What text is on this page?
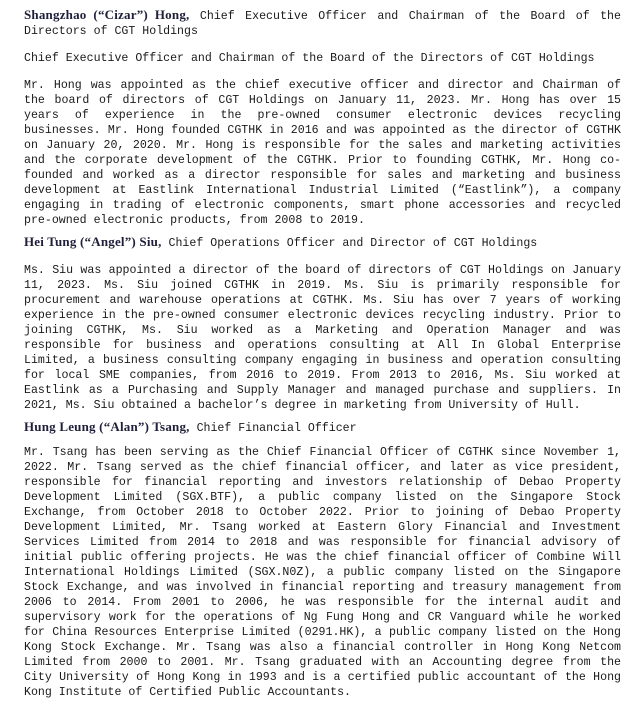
Shangzhao (“Cizar”) Hong, Chief Executive Officer and Chairman of the Board of the Directors of CGT Holdings

Chief Executive Officer and Chairman of the Board of the Directors of CGT Holdings

Mr. Hong was appointed as the chief executive officer and director and Chairman of the board of directors of CGT Holdings on January 11, 2023. Mr. Hong has over 15 years of experience in the pre-owned consumer electronic devices recycling businesses. Mr. Hong founded CGTHK in 2016 and was appointed as the director of CGTHK on January 20, 2020. Mr. Hong is responsible for the sales and marketing activities and the corporate development of the CGTHK. Prior to founding CGTHK, Mr. Hong co-founded and worked as a director responsible for sales and marketing and business development at Eastlink International Industrial Limited (“Eastlink”), a company engaging in trading of electronic components, smart phone accessories and recycled pre-owned electronic products, from 2008 to 2019.

Hei Tung (“Angel”) Siu, Chief Operations Officer and Director of CGT Holdings

Ms. Siu was appointed a director of the board of directors of CGT Holdings on January 11, 2023. Ms. Siu joined CGTHK in 2019. Ms. Siu is primarily responsible for procurement and warehouse operations at CGTHK. Ms. Siu has over 7 years of working experience in the pre-owned consumer electronic devices recycling industry. Prior to joining CGTHK, Ms. Siu worked as a Marketing and Operation Manager and was responsible for business and operations consulting at All In Global Enterprise Limited, a business consulting company engaging in business and operation consulting for local SME companies, from 2016 to 2019. From 2013 to 2016, Ms. Siu worked at Eastlink as a Purchasing and Supply Manager and managed purchase and suppliers. In 2021, Ms. Siu obtained a bachelor’s degree in marketing from University of Hull.

Hung Leung (“Alan”) Tsang, Chief Financial Officer

Mr. Tsang has been serving as the Chief Financial Officer of CGTHK since November 1, 2022. Mr. Tsang served as the chief financial officer, and later as vice president, responsible for financial reporting and investors relationship of Debao Property Development Limited (SGX.BTF), a public company listed on the Singapore Stock Exchange, from October 2018 to October 2022. Prior to joining of Debao Property Development Limited, Mr. Tsang worked at Eastern Glory Financial and Investment Services Limited from 2014 to 2018 and was responsible for financial advisory of initial public offering projects. He was the chief financial officer of Combine Will International Holdings Limited (SGX.N0Z), a public company listed on the Singapore Stock Exchange, and was involved in financial reporting and treasury management from 2006 to 2014. From 2001 to 2006, he was responsible for the internal audit and supervisory work for the operations of Ng Fung Hong and CR Vanguard while he worked for China Resources Enterprise Limited (0291.HK), a public company listed on the Hong Kong Stock Exchange. Mr. Tsang was also a financial controller in Hong Kong Netcom Limited from 2000 to 2001. Mr. Tsang graduated with an Accounting degree from the City University of Hong Kong in 1993 and is a certified public accountant of the Hong Kong Institute of Certified Public Accountants.
